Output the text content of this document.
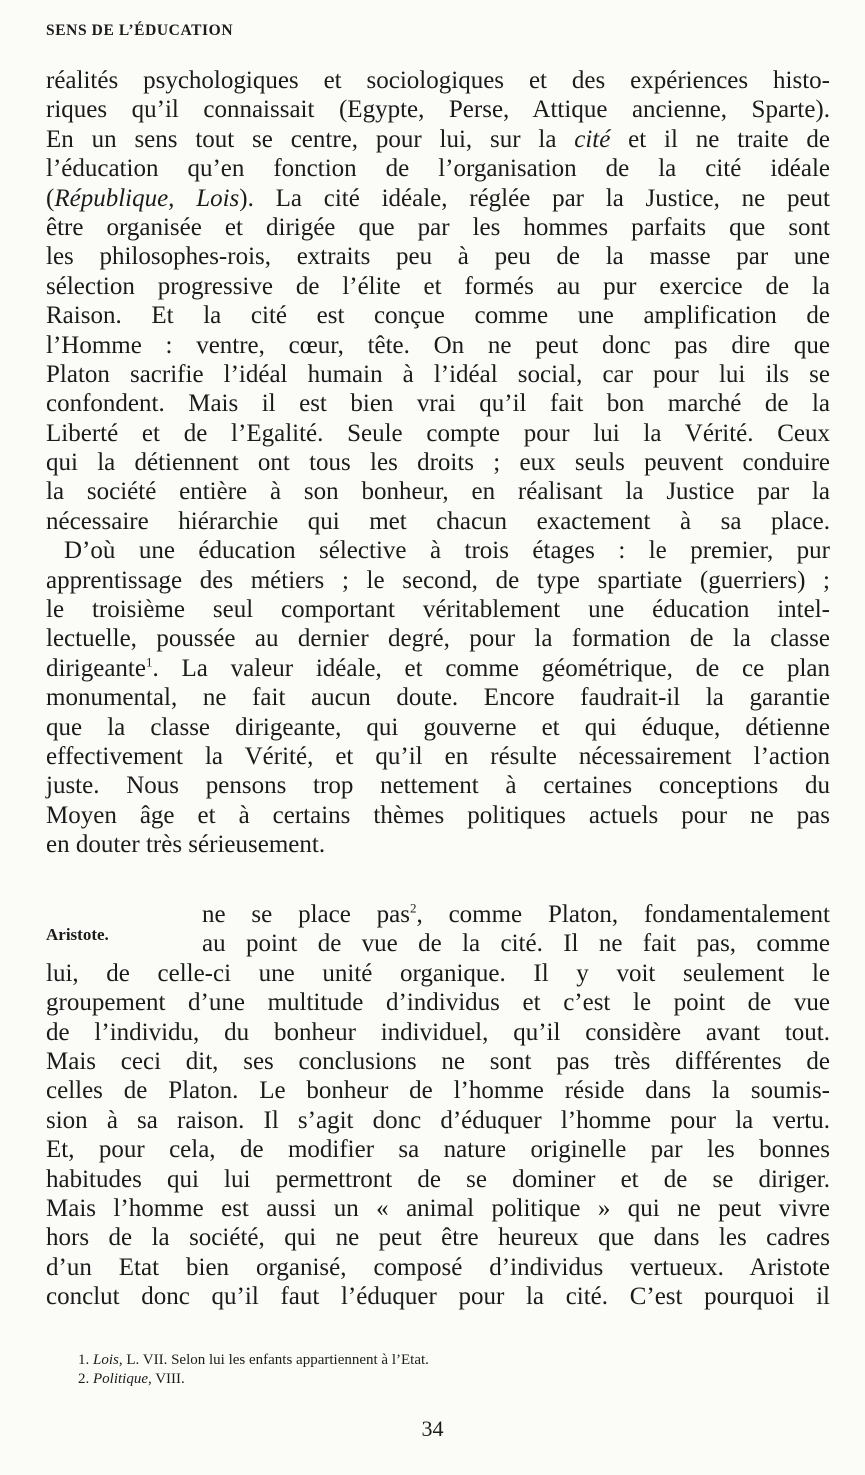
SENS DE L’ÉDUCATION
réalités psychologiques et sociologiques et des expériences histo-
riques qu’il connaissait (Egypte, Perse, Attique ancienne, Sparte).
En un sens tout se centre, pour lui, sur la cité et il ne traite de
l’éducation qu’en fonction de l’organisation de la cité idéale
(République, Lois). La cité idéale, réglée par la Justice, ne peut
être organisée et dirigée que par les hommes parfaits que sont
les philosophes-rois, extraits peu à peu de la masse par une
sélection progressive de l’élite et formés au pur exercice de la
Raison. Et la cité est conçue comme une amplification de
l’Homme : ventre, cœur, tête. On ne peut donc pas dire que
Platon sacrifie l’idéal humain à l’idéal social, car pour lui ils se
confondent. Mais il est bien vrai qu’il fait bon marché de la
Liberté et de l’Egalité. Seule compte pour lui la Vérité. Ceux
qui la détiennent ont tous les droits ; eux seuls peuvent conduire
la société entière à son bonheur, en réalisant la Justice par la
nécessaire hiérarchie qui met chacun exactement à sa place.
D’où une éducation sélective à trois étages : le premier, pur
apprentissage des métiers ; le second, de type spartiate (guerriers) ;
le troisième seul comportant véritablement une éducation intel-
lectuelle, poussée au dernier degré, pour la formation de la classe
dirigeante$^1$. La valeur idéale, et comme géométrique, de ce plan
monumental, ne fait aucun doute. Encore faudrait-il la garantie
que la classe dirigeante, qui gouverne et qui éduque, détienne
effectivement la Vérité, et qu’il en résulte nécessairement l’action
juste. Nous pensons trop nettement à certaines conceptions du
Moyen âge et à certains thèmes politiques actuels pour ne pas
en douter très sérieusement.
Aristote.
ne se place pas$^2$, comme Platon, fondamentalement
au point de vue de la cité. Il ne fait pas, comme
lui, de celle-ci une unité organique. Il y voit seulement le
groupement d’une multitude d’individus et c’est le point de vue
de l’individu, du bonheur individuel, qu’il considère avant tout.
Mais ceci dit, ses conclusions ne sont pas très différentes de
celles de Platon. Le bonheur de l’homme réside dans la soumis-
sion à sa raison. Il s’agit donc d’éduquer l’homme pour la vertu.
Et, pour cela, de modifier sa nature originelle par les bonnes
habitudes qui lui permettront de se dominer et de se diriger.
Mais l’homme est aussi un « animal politique » qui ne peut vivre
hors de la société, qui ne peut être heureux que dans les cadres
d’un Etat bien organisé, composé d’individus vertueux. Aristote
conclut donc qu’il faut l’éduquer pour la cité. C’est pourquoi il
1. Lois, L. VII. Selon lui les enfants appartiennent à l’Etat.
2. Politique, VIII.
34
